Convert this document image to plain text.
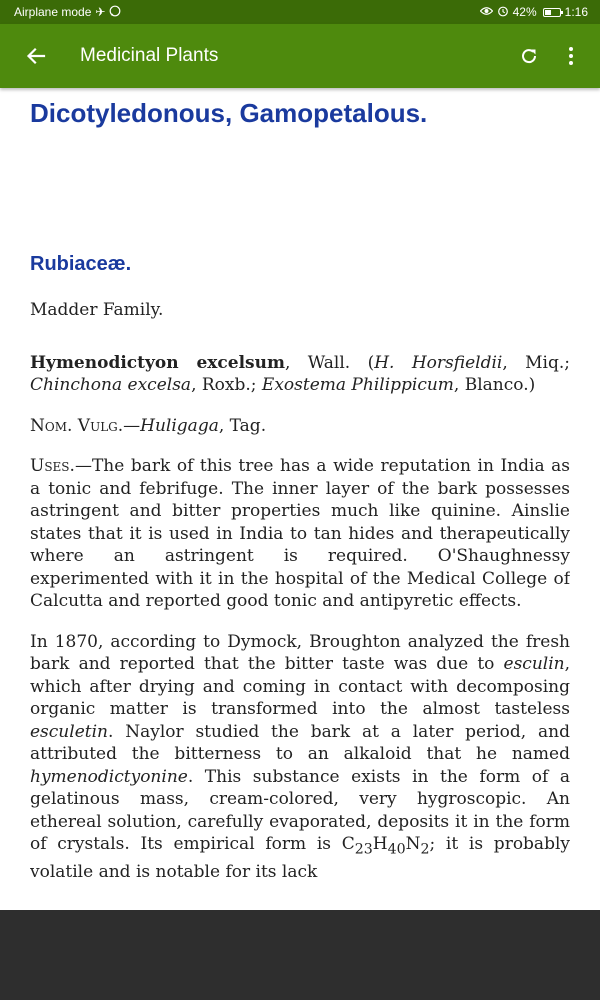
Airplane mode ✈	42% 1:16
Medicinal Plants
Dicotyledonous, Gamopetalous.
Rubiaceæ.

Madder Family.

Hymenodictyon excelsum, Wall. (H. Horsfieldii, Miq.; Chinchona excelsa, Roxb.; Exostema Philippicum, Blanco.)

Nom. Vulg.—Huligaga, Tag.

Uses.—The bark of this tree has a wide reputation in India as a tonic and febrifuge. The inner layer of the bark possesses astringent and bitter properties much like quinine. Ainslie states that it is used in India to tan hides and therapeutically where an astringent is required. O'Shaughnessy experimented with it in the hospital of the Medical College of Calcutta and reported good tonic and antipyretic effects.

In 1870, according to Dymock, Broughton analyzed the fresh bark and reported that the bitter taste was due to esculin, which after drying and coming in contact with decomposing organic matter is transformed into the almost tasteless esculetin. Naylor studied the bark at a later period, and attributed the bitterness to an alkaloid that he named hymenodictyonine. This substance exists in the form of a gelatinous mass, cream-colored, very hygroscopic. An ethereal solution, carefully evaporated, deposits it in the form of crystals. Its empirical form is $C_{23}H_{40}N_2$; it is probably volatile and is notable for its lack
